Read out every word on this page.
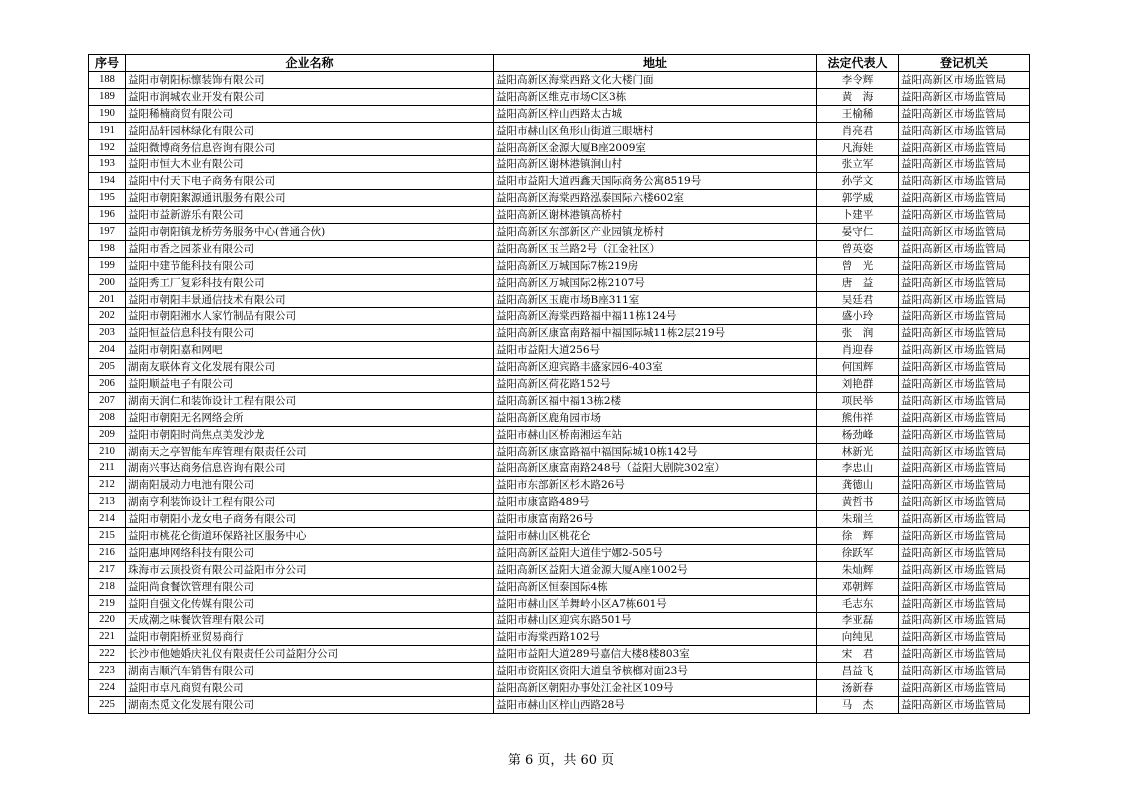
序号	企业名称	地址	法定代表人	登记机关
188	益阳市朝阳标懔装饰有限公司	益阳高新区海棠西路文化大楼门面	李令辉	益阳高新区市场监管局
189	益阳市润城农业开发有限公司	益阳高新区维克市场C区3栋	黄　海	益阳高新区市场监管局
190	益阳稀楠商贸有限公司	益阳高新区梓山西路太古城	王榆稀	益阳高新区市场监管局
191	益阳品轩园林绿化有限公司	益阳市赫山区鱼形山街道三眼塘村	肖亮君	益阳高新区市场监管局
192	益阳微博商务信息咨询有限公司	益阳高新区金源大厦B座2009室	凡海娃	益阳高新区市场监管局
193	益阳市恒大木业有限公司	益阳高新区谢林港镇涧山村	张立军	益阳高新区市场监管局
194	益阳中付天下电子商务有限公司	益阳市益阳大道西鑫天国际商务公寓8519号	孙学文	益阳高新区市场监管局
195	益阳市朝阳絮源通讯服务有限公司	益阳高新区海棠西路泓泰国际六楼602室	郭学威	益阳高新区市场监管局
196	益阳市益新游乐有限公司	益阳高新区谢林港镇高桥村	卜建平	益阳高新区市场监管局
197	益阳市朝阳镇龙桥劳务服务中心(普通合伙)	益阳高新区东部新区产业园镇龙桥村	晏守仁	益阳高新区市场监管局
198	益阳市香之园茶业有限公司	益阳高新区玉兰路2号（江金社区）	曾英姿	益阳高新区市场监管局
199	益阳中建节能科技有限公司	益阳高新区万城国际7栋219房	曾　光	益阳高新区市场监管局
200	益阳秀工厂复彩科技有限公司	益阳高新区万城国际2栋2107号	唐　益	益阳高新区市场监管局
201	益阳市朝阳丰景通信技术有限公司	益阳高新区玉鹿市场B座311室	吴廷君	益阳高新区市场监管局
202	益阳市朝阳湘水人家竹制品有限公司	益阳高新区海棠西路福中福11栋124号	盛小玲	益阳高新区市场监管局
203	益阳恒益信息科技有限公司	益阳高新区康富南路福中福国际城11栋2层219号	张　润	益阳高新区市场监管局
204	益阳市朝阳嘉和网吧	益阳市益阳大道256号	肖迎春	益阳高新区市场监管局
205	湖南友联体育文化发展有限公司	益阳高新区迎宾路丰盛家园6-403室	何国辉	益阳高新区市场监管局
206	益阳顺益电子有限公司	益阳高新区荷花路152号	刘艳群	益阳高新区市场监管局
207	湖南天润仁和装饰设计工程有限公司	益阳高新区福中福13栋2楼	项民举	益阳高新区市场监管局
208	益阳市朝阳无名网络会所	益阳高新区鹿角园市场	熊伟祥	益阳高新区市场监管局
209	益阳市朝阳时尚焦点美发沙龙	益阳市赫山区桥南湘运车站	杨劲峰	益阳高新区市场监管局
210	湖南天之亭智能车库管理有限责任公司	益阳高新区康富路福中福国际城10栋142号	林新光	益阳高新区市场监管局
211	湖南兴事达商务信息咨询有限公司	益阳高新区康富南路248号（益阳大剧院302室）	李忠山	益阳高新区市场监管局
212	湖南阳晟动力电池有限公司	益阳市东部新区杉木路26号	龚德山	益阳高新区市场监管局
213	湖南亨利装饰设计工程有限公司	益阳市康富路489号	黄哲书	益阳高新区市场监管局
214	益阳市朝阳小龙女电子商务有限公司	益阳市康富南路26号	朱瑞兰	益阳高新区市场监管局
215	益阳市桃花仑街道环保路社区服务中心	益阳市赫山区桃花仑	徐　辉	益阳高新区市场监管局
216	益阳惠坤网络科技有限公司	益阳高新区益阳大道佳宁娜2-505号	徐跃军	益阳高新区市场监管局
217	珠海市云顶投资有限公司益阳市分公司	益阳高新区益阳大道金源大厦A座1002号	朱灿辉	益阳高新区市场监管局
218	益阳尚食餐饮管理有限公司	益阳高新区恒泰国际4栋	邓朝辉	益阳高新区市场监管局
219	益阳自强文化传媒有限公司	益阳市赫山区羊舞岭小区A7栋601号	毛志东	益阳高新区市场监管局
220	天成潮之味餐饮管理有限公司	益阳市赫山区迎宾东路501号	李亚磊	益阳高新区市场监管局
221	益阳市朝阳桥亚贸易商行	益阳市海棠西路102号	向纯见	益阳高新区市场监管局
222	长沙市他她婚庆礼仪有限责任公司益阳分公司	益阳市益阳大道289号嘉信大楼8楼803室	宋　君	益阳高新区市场监管局
223	湖南吉顺汽车销售有限公司	益阳市资阳区资阳大道皇爷槟榔对面23号	昌益飞	益阳高新区市场监管局
224	益阳市卓凡商贸有限公司	益阳高新区朝阳办事处江金社区109号	汤新春	益阳高新区市场监管局
225	湖南杰觅文化发展有限公司	益阳市赫山区梓山西路28号	马　杰	益阳高新区市场监管局
第 6 页，共 60 页
